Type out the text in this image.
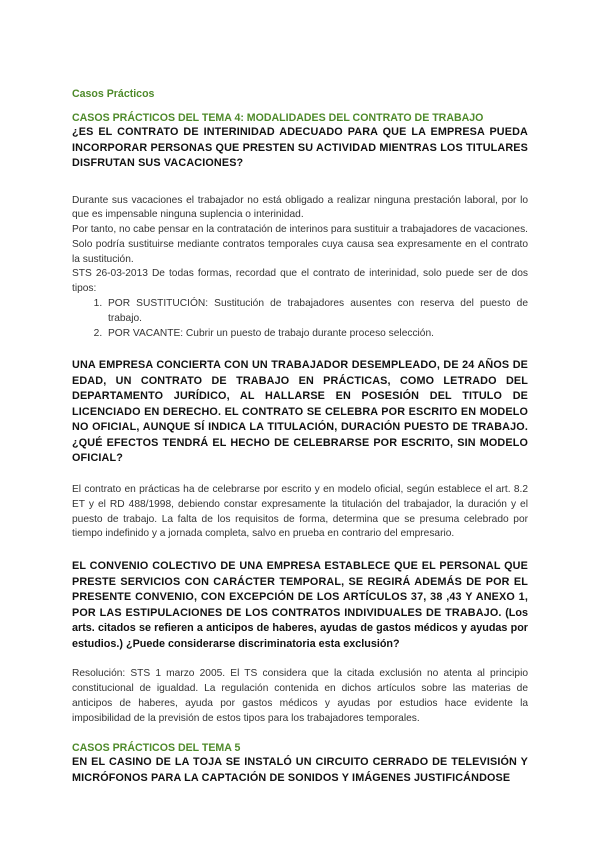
Casos Prácticos

CASOS PRÁCTICOS DEL TEMA 4: MODALIDADES DEL CONTRATO DE TRABAJO

¿ES EL CONTRATO DE INTERINIDAD ADECUADO PARA QUE LA EMPRESA PUEDA INCORPORAR PERSONAS QUE PRESTEN SU ACTIVIDAD MIENTRAS LOS TITULARES DISFRUTAN SUS VACACIONES?

Durante sus vacaciones el trabajador no está obligado a realizar ninguna prestación laboral, por lo que es impensable ninguna suplencia o interinidad.

Por tanto, no cabe pensar en la contratación de interinos para sustituir a trabajadores de vacaciones. Solo podría sustituirse mediante contratos temporales cuya causa sea expresamente en el contrato la sustitución.

STS 26-03-2013 De todas formas, recordad que el contrato de interinidad, solo puede ser de dos tipos:

1. POR SUSTITUCIÓN: Sustitución de trabajadores ausentes con reserva del puesto de trabajo.
2. POR VACANTE: Cubrir un puesto de trabajo durante proceso selección.

UNA EMPRESA CONCIERTA CON UN TRABAJADOR DESEMPLEADO, DE 24 AÑOS DE EDAD, UN CONTRATO DE TRABAJO EN PRÁCTICAS, COMO LETRADO DEL DEPARTAMENTO JURÍDICO, AL HALLARSE EN POSESIÓN DEL TITULO DE LICENCIADO EN DERECHO. EL CONTRATO SE CELEBRA POR ESCRITO EN MODELO NO OFICIAL, AUNQUE SÍ INDICA LA TITULACIÓN, DURACIÓN PUESTO DE TRABAJO. ¿QUÉ EFECTOS TENDRÁ EL HECHO DE CELEBRARSE POR ESCRITO, SIN MODELO OFICIAL?

El contrato en prácticas ha de celebrarse por escrito y en modelo oficial, según establece el art. 8.2 ET y el RD 488/1998, debiendo constar expresamente la titulación del trabajador, la duración y el puesto de trabajo. La falta de los requisitos de forma, determina que se presuma celebrado por tiempo indefinido y a jornada completa, salvo en prueba en contrario del empresario.

EL CONVENIO COLECTIVO DE UNA EMPRESA ESTABLECE QUE EL PERSONAL QUE PRESTE SERVICIOS CON CARÁCTER TEMPORAL, SE REGIRÁ ADEMÁS DE POR EL PRESENTE CONVENIO, CON EXCEPCIÓN DE LOS ARTÍCULOS 37, 38 ,43 Y ANEXO 1, POR LAS ESTIPULACIONES DE LOS CONTRATOS INDIVIDUALES DE TRABAJO. (Los arts. citados se refieren a anticipos de haberes, ayudas de gastos médicos y ayudas por estudios.) ¿Puede considerarse discriminatoria esta exclusión?

Resolución: STS 1 marzo 2005. El TS considera que la citada exclusión no atenta al principio constitucional de igualdad. La regulación contenida en dichos artículos sobre las materias de anticipos de haberes, ayuda por gastos médicos y ayudas por estudios hace evidente la imposibilidad de la previsión de estos tipos para los trabajadores temporales.

CASOS PRÁCTICOS DEL TEMA 5

EN EL CASINO DE LA TOJA SE INSTALÓ UN CIRCUITO CERRADO DE TELEVISIÓN Y MICRÓFONOS PARA LA CAPTACIÓN DE SONIDOS Y IMÁGENES JUSTIFICÁNDOSE
